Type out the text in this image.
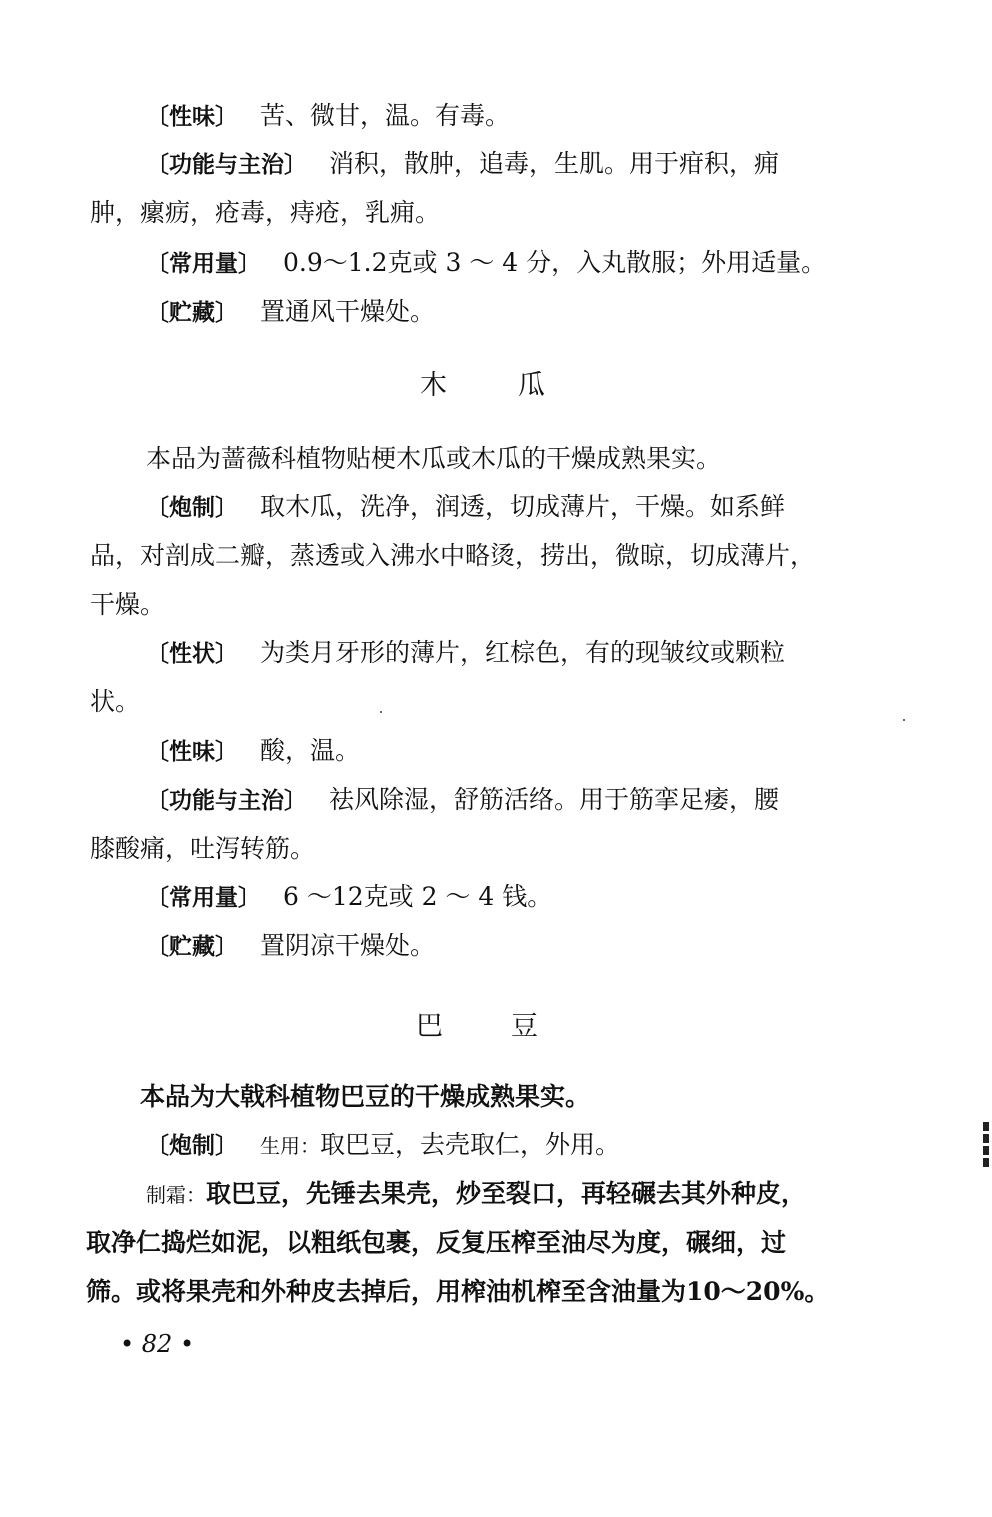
〔性味〕 苦、微甘，温。有毒。
〔功能与主治〕 消积，散肿，追毒，生肌。用于疳积，痈
肿，瘰疬，疮毒，痔疮，乳痈。
〔常用量〕 0.9～1.2克或 3 ～ 4 分，入丸散服；外用适量。
〔贮藏〕 置通风干燥处。
木	瓜
本品为蔷薇科植物贴梗木瓜或木瓜的干燥成熟果实。
〔炮制〕 取木瓜，洗净，润透，切成薄片，干燥。如系鲜
品，对剖成二瓣，蒸透或入沸水中略烫，捞出，微晾，切成薄片，
干燥。
〔性状〕 为类月牙形的薄片，红棕色，有的现皱纹或颗粒
状。
〔性味〕 酸，温。
〔功能与主治〕 祛风除湿，舒筋活络。用于筋挛足痿，腰
膝酸痛，吐泻转筋。
〔常用量〕 6 ～12克或 2 ～ 4 钱。
〔贮藏〕 置阴凉干燥处。
巴	豆
本品为大戟科植物巴豆的干燥成熟果实。
〔炮制〕 生用：取巴豆，去壳取仁，外用。
制霜：取巴豆，先锤去果壳，炒至裂口，再轻碾去其外种皮，
取净仁捣烂如泥，以粗纸包裹，反复压榨至油尽为度，碾细，过
筛。或将果壳和外种皮去掉后，用榨油机榨至含油量为10～20%。
• 82 •
